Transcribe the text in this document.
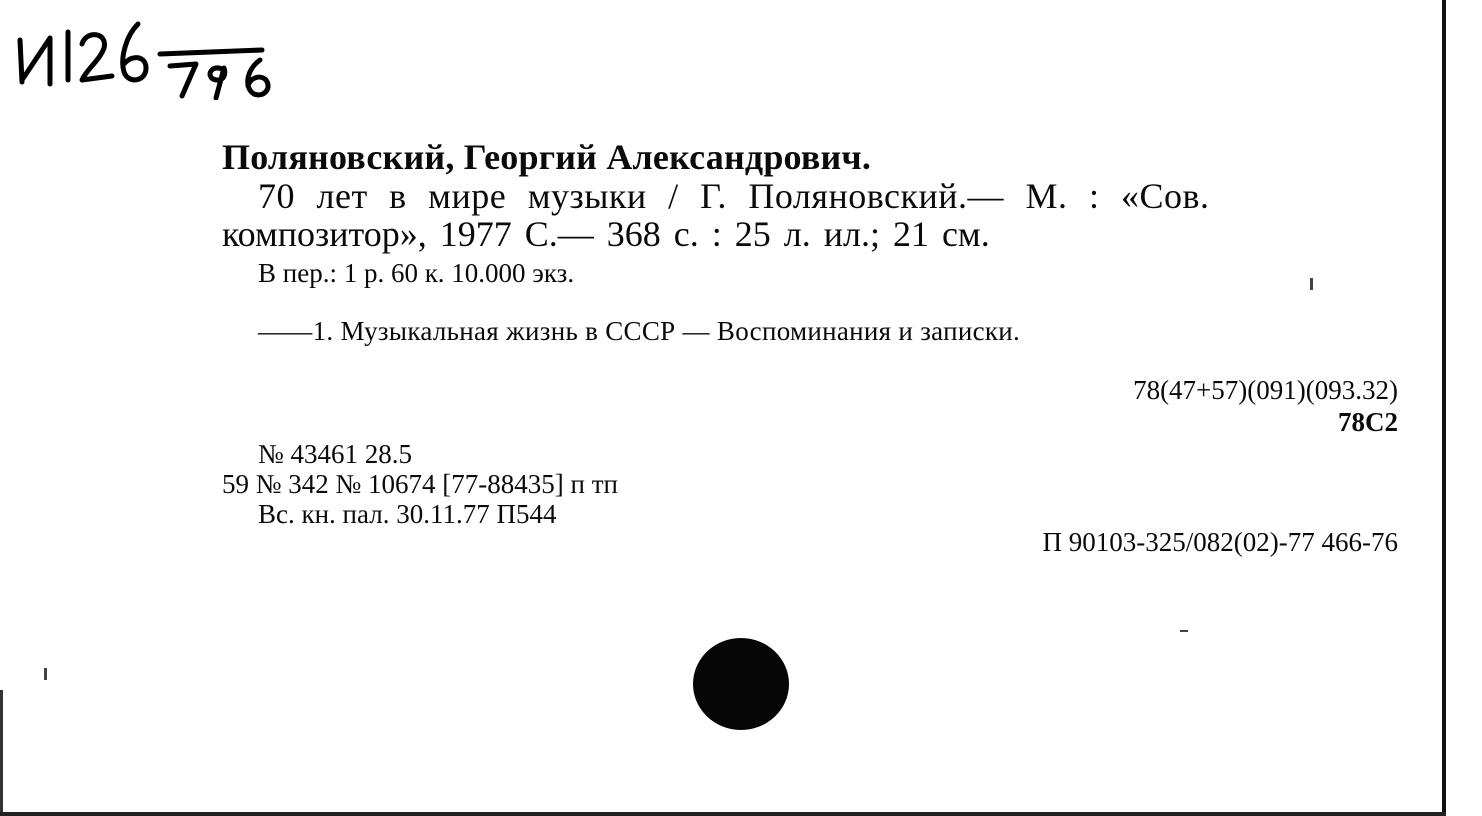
Поляновский, Георгий Александрович.
70 лет в мире музыки / Г. Поляновский.— М. : «Сов.
композитор», 1977 С.— 368 с. : 25 л. ил.; 21 см.
В пер.: 1 р. 60 к. 10.000 экз.
——1. Музыкальная жизнь в СССР — Воспоминания и записки.
78(47+57)(091)(093.32)
78С2
№ 43461 28.5
59 № 342 № 10674 [77-88435] п тп
Вс. кн. пал. 30.11.77 П544
П 90103-325/082(02)-77 466-76
